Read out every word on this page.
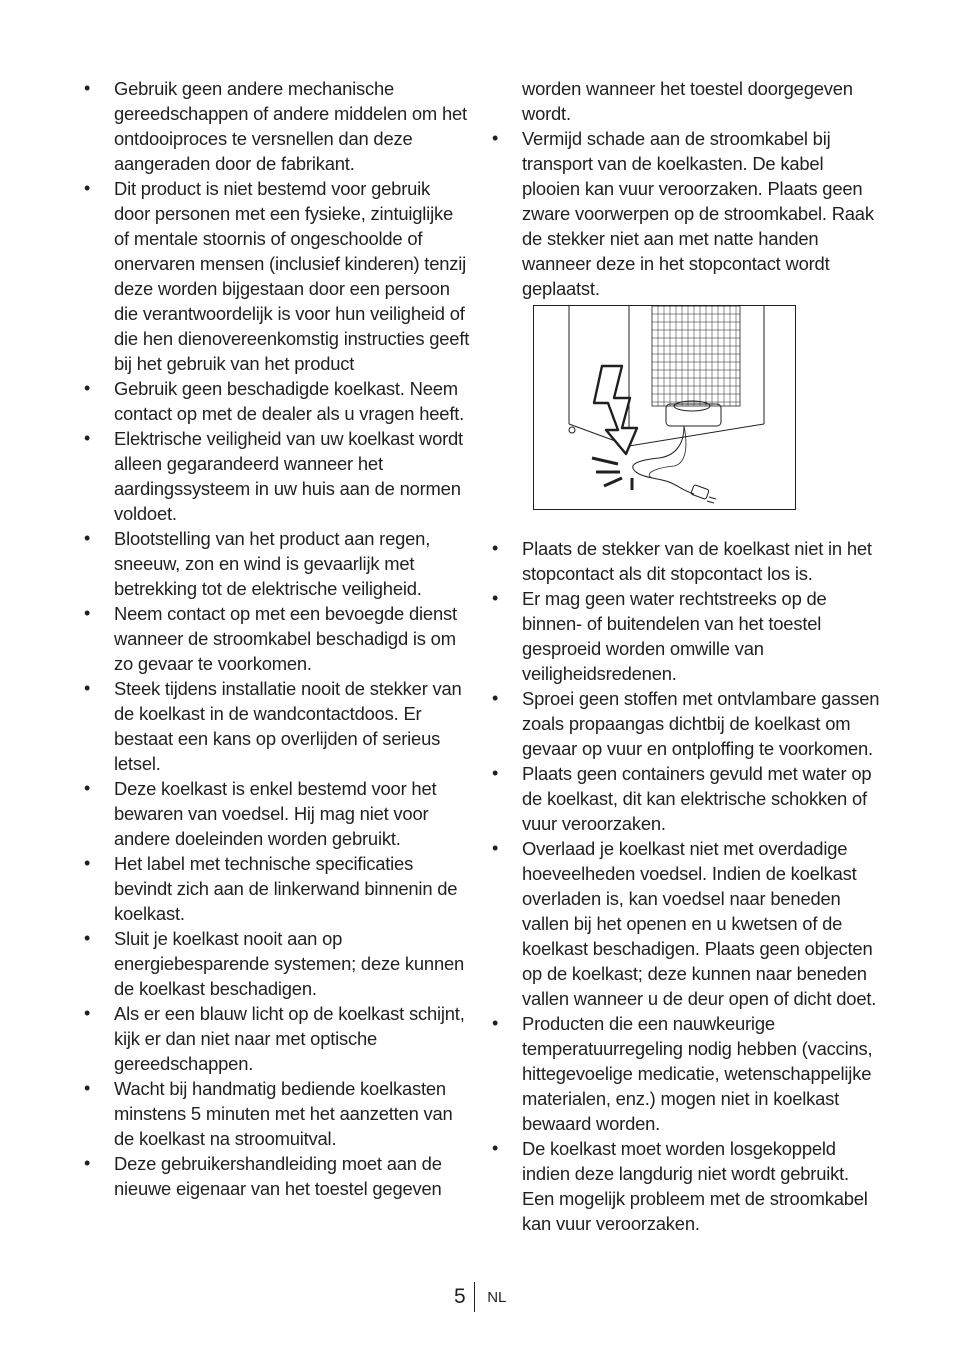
• Gebruik geen andere mechanische gereedschappen of andere middelen om het ontdooiproces te versnellen dan deze aangeraden door de fabrikant.
• Dit product is niet bestemd voor gebruik door personen met een fysieke, zintuiglijke of mentale stoornis of ongeschoolde of onervaren mensen (inclusief kinderen) tenzij deze worden bijgestaan door een persoon die verantwoordelijk is voor hun veiligheid of die hen dienovereenkomstig instructies geeft bij het gebruik van het product
• Gebruik geen beschadigde koelkast. Neem contact op met de dealer als u vragen heeft.
• Elektrische veiligheid van uw koelkast wordt alleen gegarandeerd wanneer het aardingssysteem in uw huis aan de normen voldoet.
• Blootstelling van het product aan regen, sneeuw, zon en wind is gevaarlijk met betrekking tot de elektrische veiligheid.
• Neem contact op met een bevoegde dienst wanneer de stroomkabel beschadigd is om zo gevaar te voorkomen.
• Steek tijdens installatie nooit de stekker van de koelkast in de wandcontactdoos. Er bestaat een kans op overlijden of serieus letsel.
• Deze koelkast is enkel bestemd voor het bewaren van voedsel. Hij mag niet voor andere doeleinden worden gebruikt.
• Het label met technische specificaties bevindt zich aan de linkerwand binnenin de koelkast.
• Sluit je koelkast nooit aan op energiebesparende systemen; deze kunnen de koelkast beschadigen.
• Als er een blauw licht op de koelkast schijnt, kijk er dan niet naar met optische gereedschappen.
• Wacht bij handmatig bediende koelkasten minstens 5 minuten met het aanzetten van de koelkast na stroomuitval.
• Deze gebruikershandleiding moet aan de nieuwe eigenaar van het toestel gegeven
worden wanneer het toestel doorgegeven wordt.
• Vermijd schade aan de stroomkabel bij transport van de koelkasten. De kabel plooien kan vuur veroorzaken. Plaats geen zware voorwerpen op de stroomkabel. Raak de stekker niet aan met natte handen wanneer deze in het stopcontact wordt geplaatst.
• Plaats de stekker van de koelkast niet in het stopcontact als dit stopcontact los is.
• Er mag geen water rechtstreeks op de binnen- of buitendelen van het toestel gesproeid worden omwille van veiligheidsredenen.
• Sproei geen stoffen met ontvlambare gassen zoals propaangas dichtbij de koelkast om gevaar op vuur en ontploffing te voorkomen.
• Plaats geen containers gevuld met water op de koelkast, dit kan elektrische schokken of vuur veroorzaken.
• Overlaad je koelkast niet met overdadige hoeveelheden voedsel. Indien de koelkast overladen is, kan voedsel naar beneden vallen bij het openen en u kwetsen of de koelkast beschadigen. Plaats geen objecten op de koelkast; deze kunnen naar beneden vallen wanneer u de deur open of dicht doet.
• Producten die een nauwkeurige temperatuurregeling nodig hebben (vaccins, hittegevoelige medicatie, wetenschappelijke materialen, enz.) mogen niet in koelkast bewaard worden.
• De koelkast moet worden losgekoppeld indien deze langdurig niet wordt gebruikt. Een mogelijk probleem met de stroomkabel kan vuur veroorzaken.
5 NL
